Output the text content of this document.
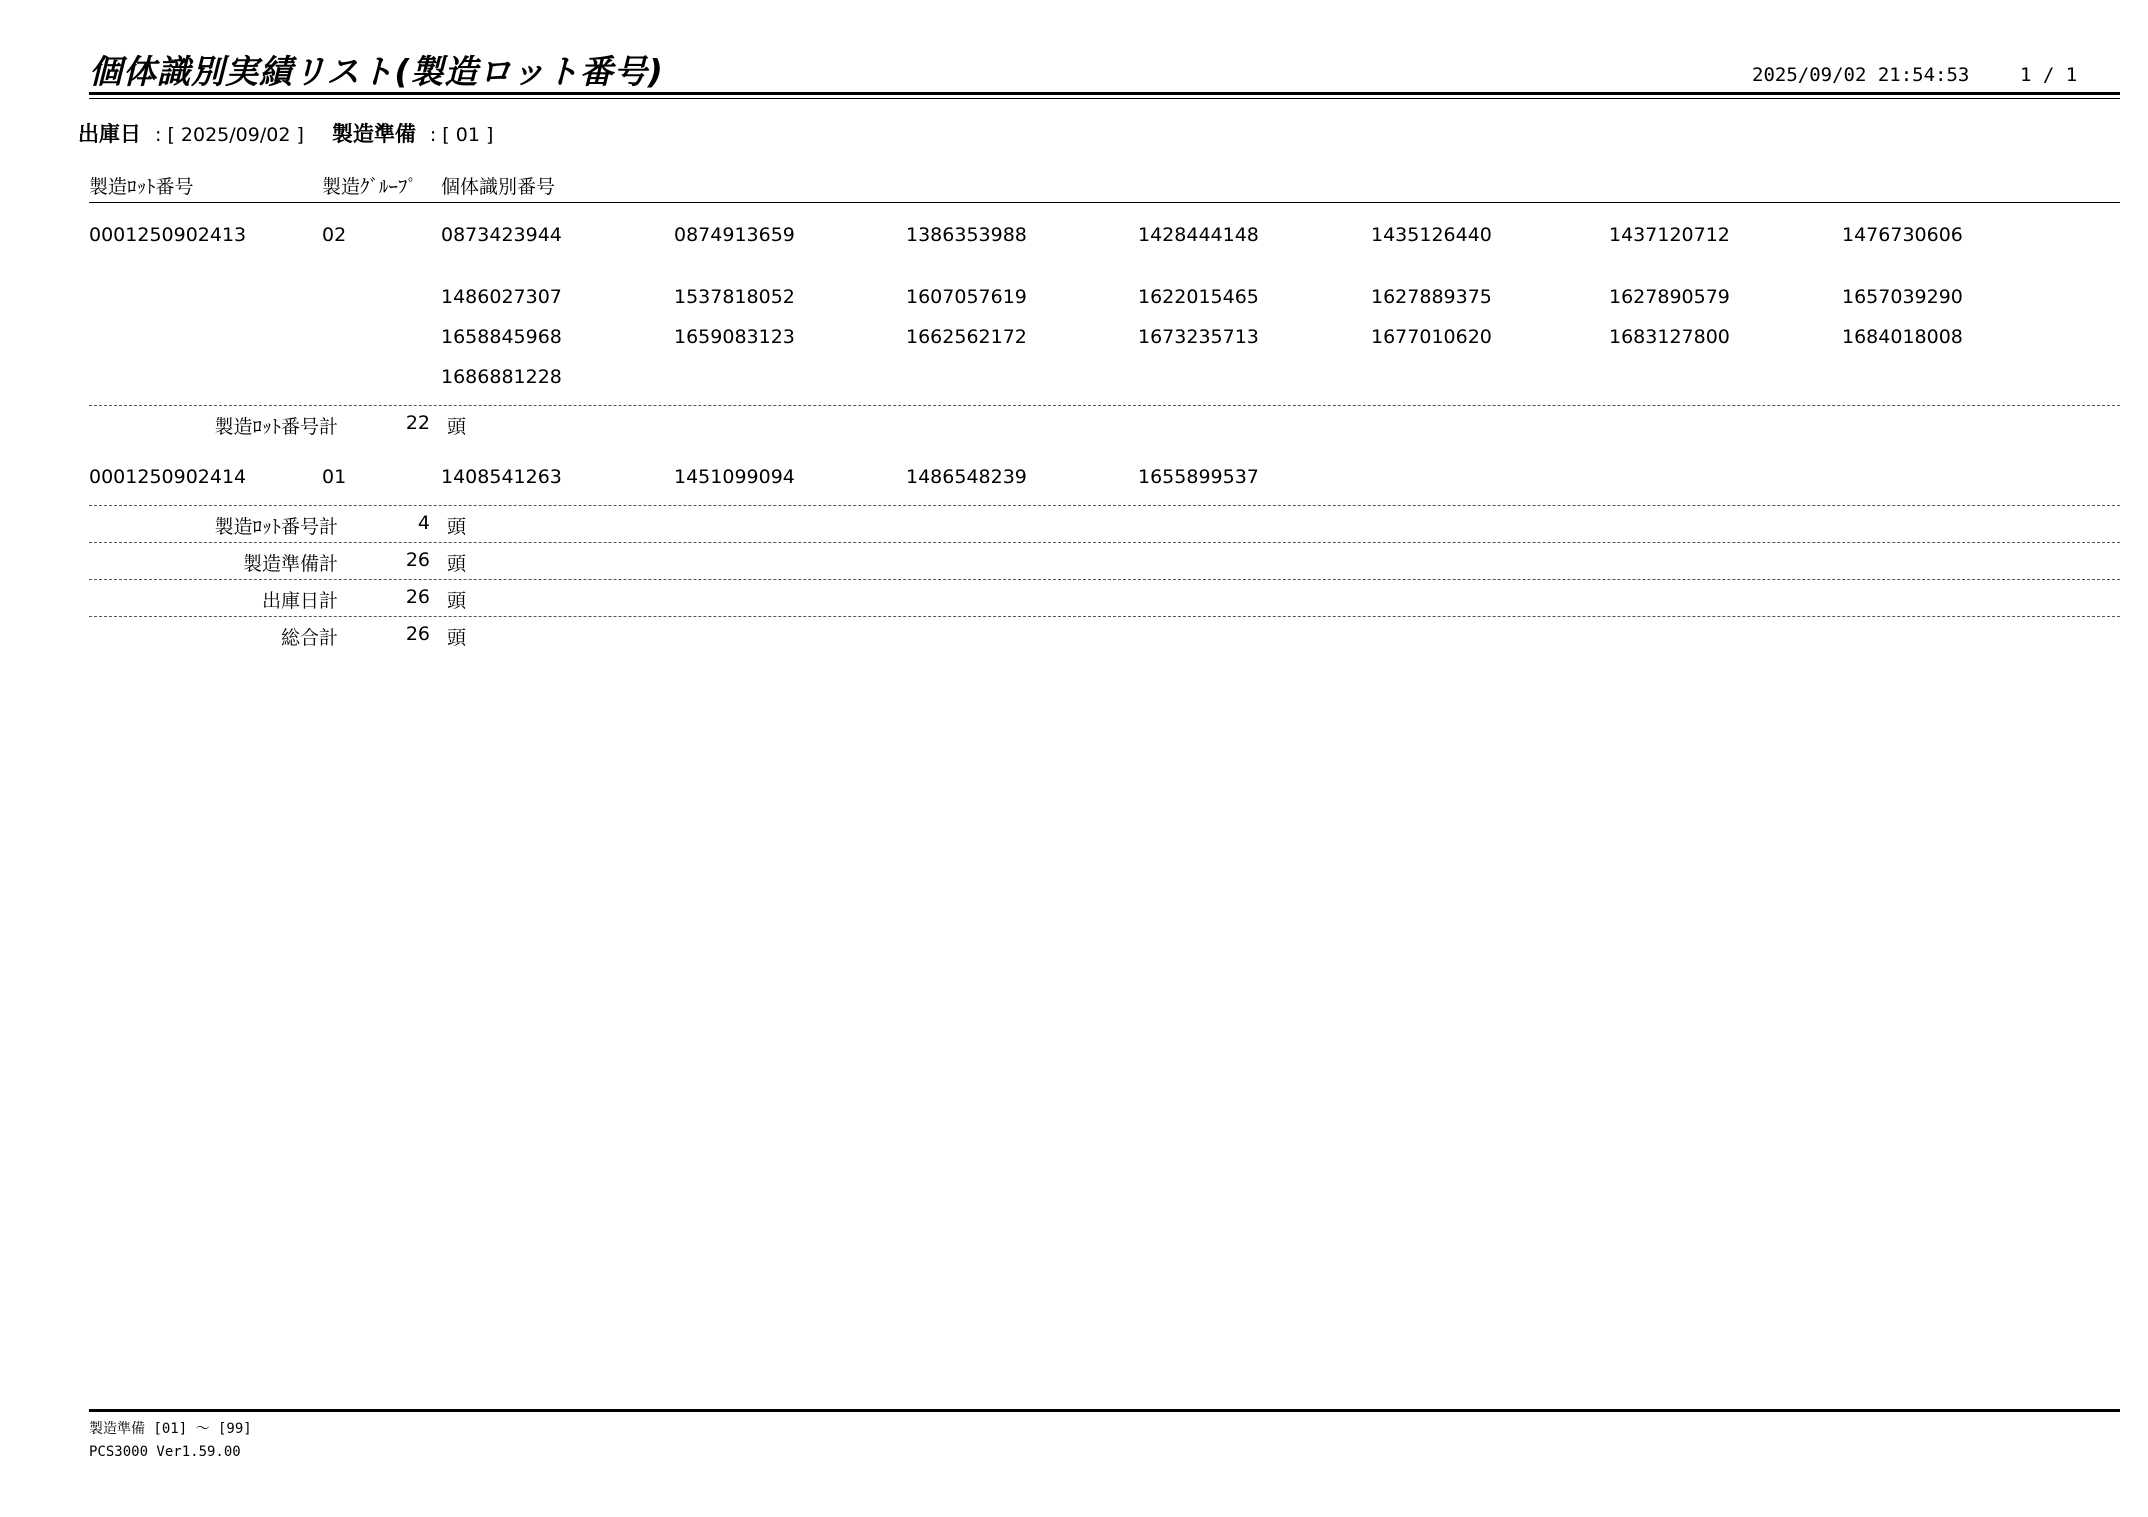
個体識別実績リスト(製造ロット番号)	2025/09/02 21:54:53	1 / 1
出庫日 : [ 2025/09/02 ] 製造準備 : [ 01 ]
製造ﾛｯﾄ番号	製造ｸﾞﾙｰﾌﾟ 個体識別番号
0001250902413	02	0873423944	0874913659	1386353988	1428444148	1435126440	1437120712	1476730606
1486027307	1537818052	1607057619	1622015465	1627889375	1627890579	1657039290
1658845968	1659083123	1662562172	1673235713	1677010620	1683127800	1684018008
1686881228
製造ﾛｯﾄ番号計	22 頭
0001250902414	01	1408541263	1451099094	1486548239	1655899537
製造ﾛｯﾄ番号計	4 頭
製造準備計	26 頭
出庫日計	26 頭
総合計	26 頭
製造準備 [01] ～ [99]
PCS3000 Ver1.59.00
